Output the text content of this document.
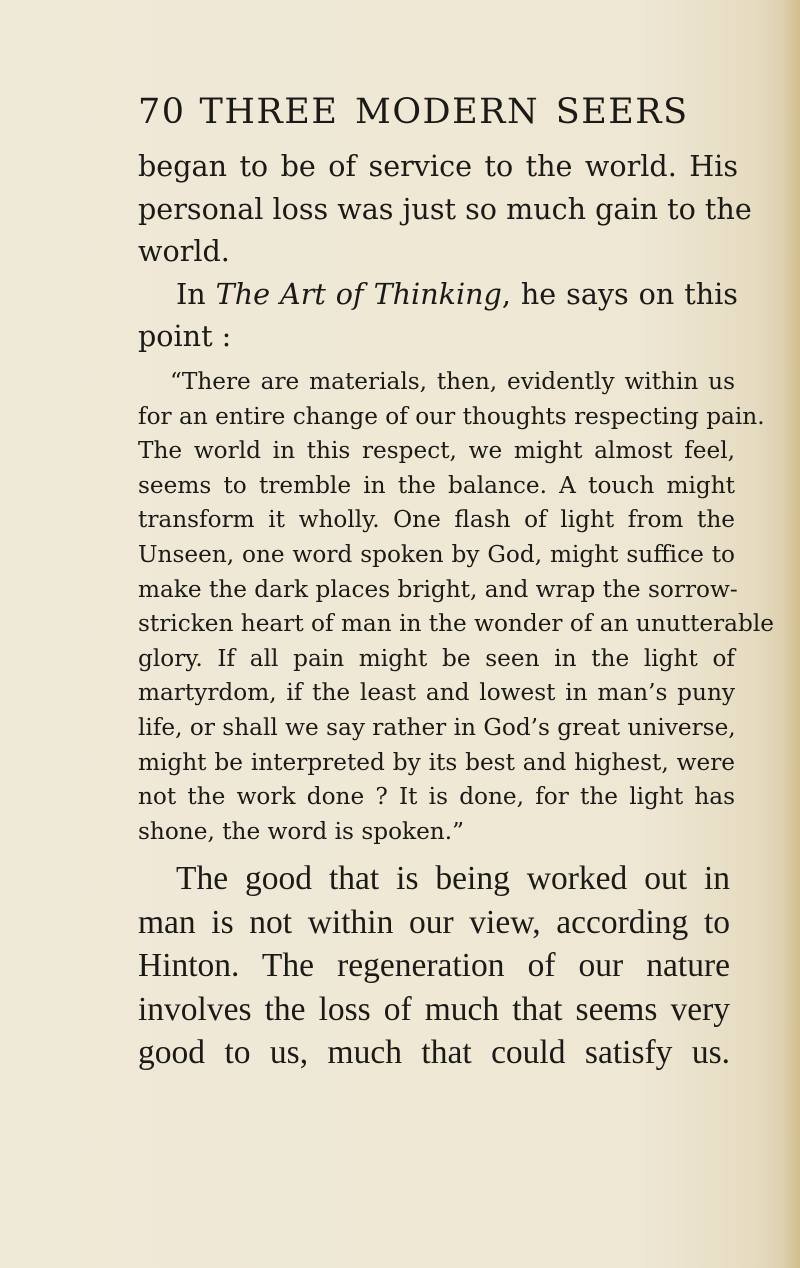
70 THREE MODERN SEERS
began to be of service to the world. His
personal loss was just so much gain to the
world.
In The Art of Thinking, he says on this
point :
“There are materials, then, evidently within us
for an entire change of our thoughts respecting pain.
The world in this respect, we might almost feel,
seems to tremble in the balance. A touch might
transform it wholly. One flash of light from the
Unseen, one word spoken by God, might suffice to
make the dark places bright, and wrap the sorrow-
stricken heart of man in the wonder of an unutterable
glory. If all pain might be seen in the light of
martyrdom, if the least and lowest in man’s puny
life, or shall we say rather in God’s great universe,
might be interpreted by its best and highest, were
not the work done ? It is done, for the light has
shone, the word is spoken.”
The good that is being worked out in
man is not within our view, according to
Hinton. The regeneration of our nature
involves the loss of much that seems very
good to us, much that could satisfy us.
